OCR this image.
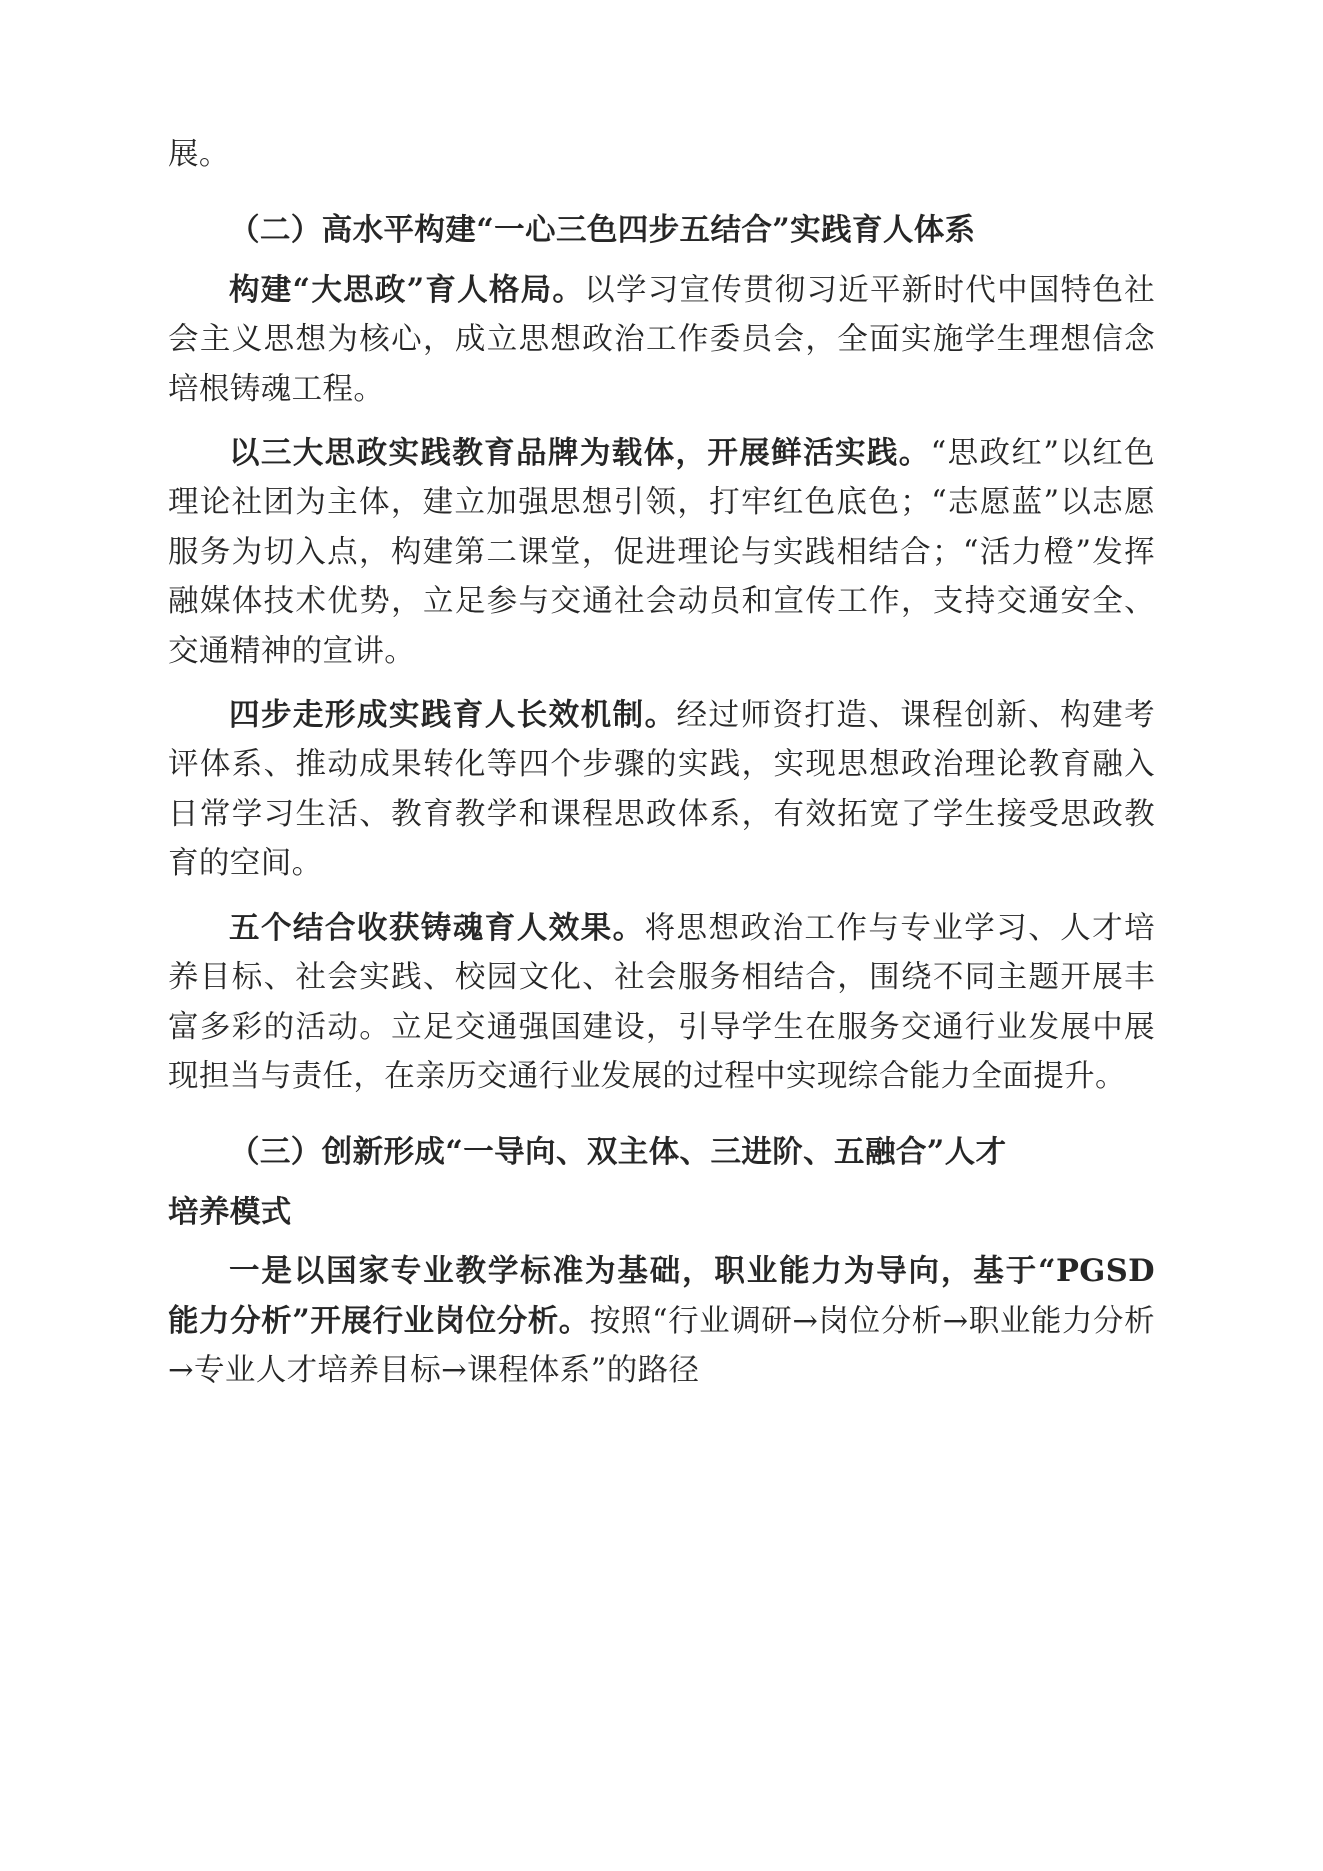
展。

（二）高水平构建“一心三色四步五结合”实践育人体系

构建“大思政”育人格局。以学习宣传贯彻习近平新时代中国特色社会主义思想为核心，成立思想政治工作委员会，全面实施学生理想信念培根铸魂工程。

以三大思政实践教育品牌为载体，开展鲜活实践。“思政红”以红色理论社团为主体，建立加强思想引领，打牢红色底色；“志愿蓝”以志愿服务为切入点，构建第二课堂，促进理论与实践相结合；“活力橙”发挥融媒体技术优势，立足参与交通社会动员和宣传工作，支持交通安全、交通精神的宣讲。

四步走形成实践育人长效机制。经过师资打造、课程创新、构建考评体系、推动成果转化等四个步骤的实践，实现思想政治理论教育融入日常学习生活、教育教学和课程思政体系，有效拓宽了学生接受思政教育的空间。

五个结合收获铸魂育人效果。将思想政治工作与专业学习、人才培养目标、社会实践、校园文化、社会服务相结合，围绕不同主题开展丰富多彩的活动。立足交通强国建设，引导学生在服务交通行业发展中展现担当与责任，在亲历交通行业发展的过程中实现综合能力全面提升。

（三）创新形成“一导向、双主体、三进阶、五融合”人才

培养模式

一是以国家专业教学标准为基础，职业能力为导向，基于“PGSD 能力分析”开展行业岗位分析。按照“行业调研→岗位分析→职业能力分析→专业人才培养目标→课程体系”的路径
